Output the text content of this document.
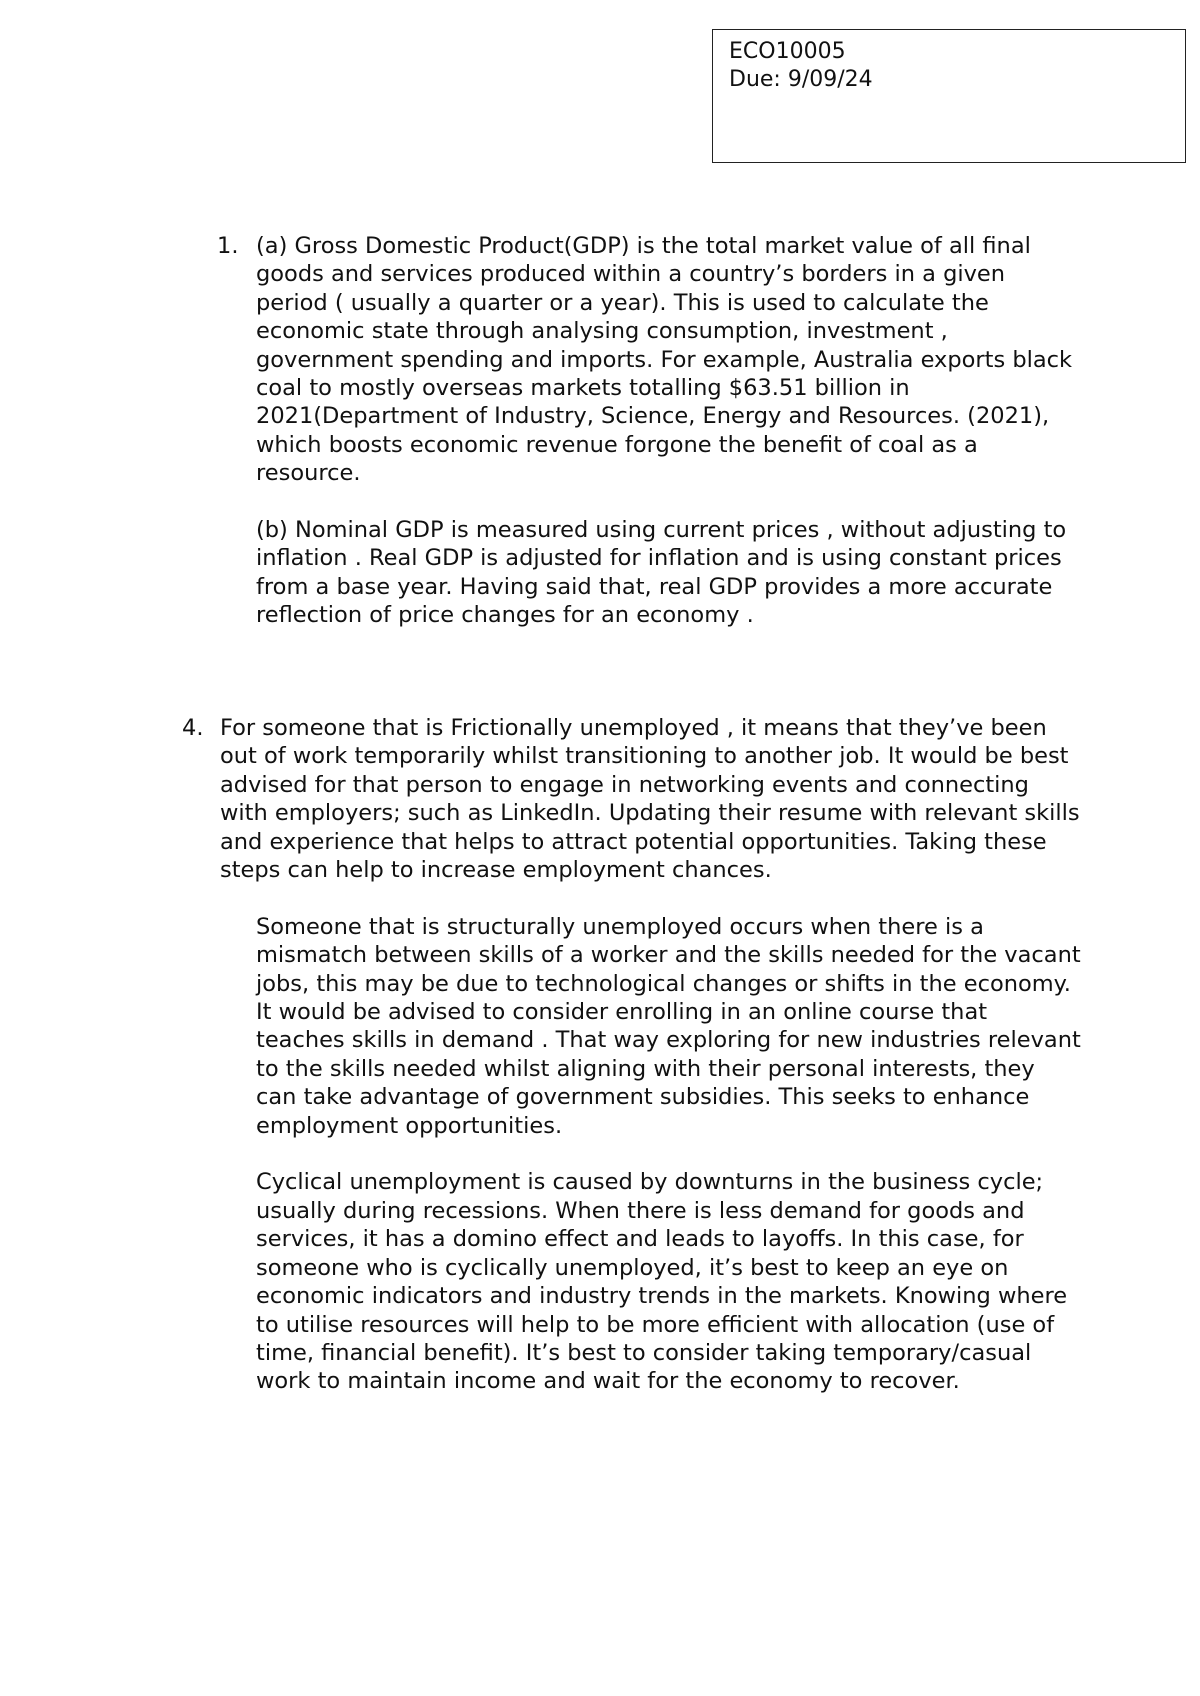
ECO10005
Due: 9/09/24
1. (a) Gross Domestic Product(GDP) is the total market value of all final goods and services produced within a country’s borders in a given period ( usually a quarter or a year). This is used to calculate the economic state through analysing consumption, investment , government spending and imports. For example, Australia exports black coal to mostly overseas markets totalling $63.51 billion in 2021(Department of Industry, Science, Energy and Resources. (2021), which boosts economic revenue forgone the benefit of coal as a resource.

(b) Nominal GDP is measured using current prices , without adjusting to inflation . Real GDP is adjusted for inflation and is using constant prices from a base year. Having said that, real GDP provides a more accurate reflection of price changes for an economy .

4. For someone that is Frictionally unemployed , it means that they’ve been out of work temporarily whilst transitioning to another job. It would be best advised for that person to engage in networking events and connecting with employers; such as LinkedIn. Updating their resume with relevant skills and experience that helps to attract potential opportunities. Taking these steps can help to increase employment chances.

Someone that is structurally unemployed occurs when there is a mismatch between skills of a worker and the skills needed for the vacant jobs, this may be due to technological changes or shifts in the economy. It would be advised to consider enrolling in an online course that teaches skills in demand . That way exploring for new industries relevant to the skills needed whilst aligning with their personal interests, they can take advantage of government subsidies. This seeks to enhance employment opportunities.

Cyclical unemployment is caused by downturns in the business cycle; usually during recessions. When there is less demand for goods and services, it has a domino effect and leads to layoffs. In this case, for someone who is cyclically unemployed, it’s best to keep an eye on economic indicators and industry trends in the markets. Knowing where to utilise resources will help to be more efficient with allocation (use of time, financial benefit). It’s best to consider taking temporary/casual work to maintain income and wait for the economy to recover.
